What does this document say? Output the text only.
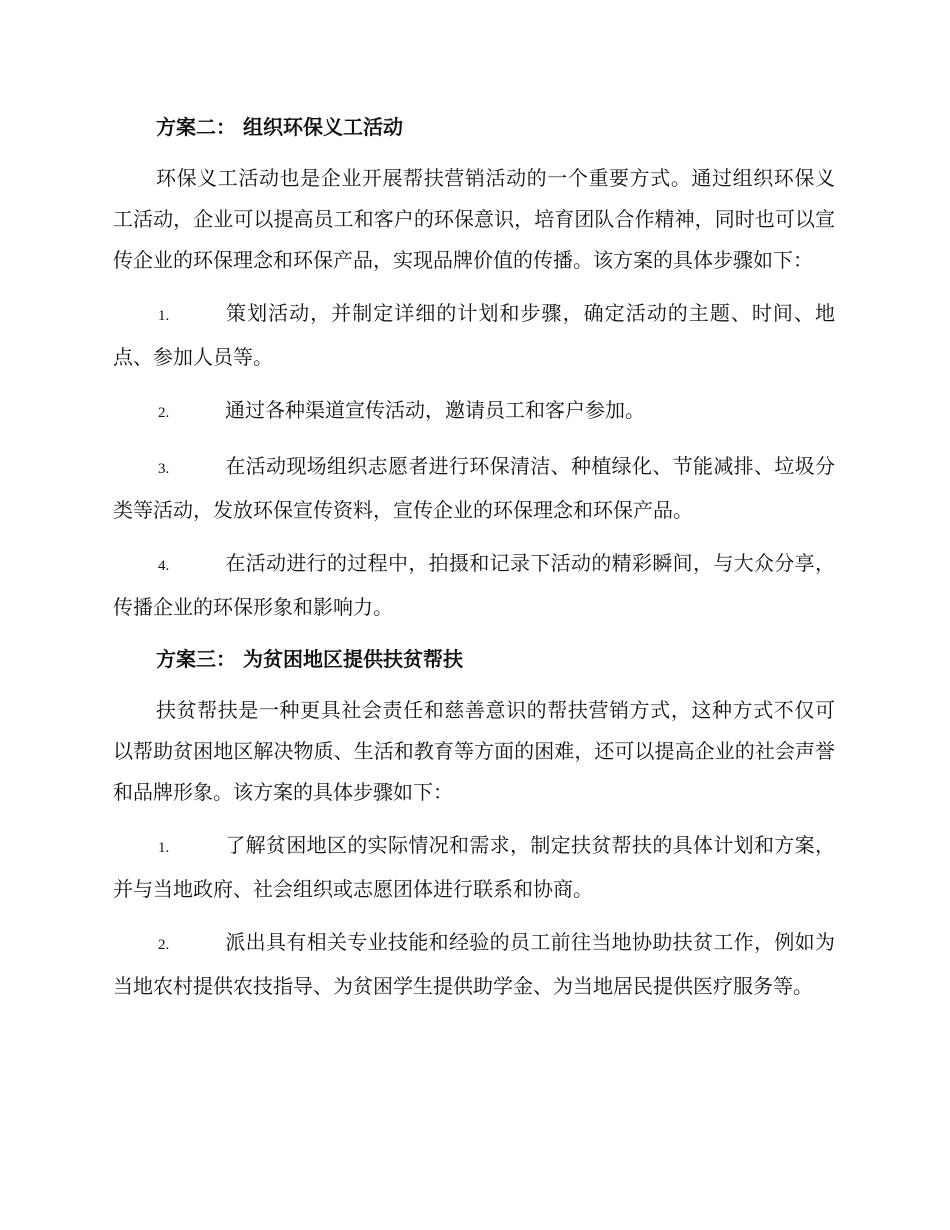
方案二： 组织环保义工活动

环保义工活动也是企业开展帮扶营销活动的一个重要方式。通过组织环保义工活动，企业可以提高员工和客户的环保意识，培育团队合作精神，同时也可以宣传企业的环保理念和环保产品，实现品牌价值的传播。该方案的具体步骤如下：

1.	策划活动，并制定详细的计划和步骤，确定活动的主题、时间、地点、参加人员等。

2.	通过各种渠道宣传活动，邀请员工和客户参加。

3.	在活动现场组织志愿者进行环保清洁、种植绿化、节能减排、垃圾分类等活动，发放环保宣传资料，宣传企业的环保理念和环保产品。

4.	在活动进行的过程中，拍摄和记录下活动的精彩瞬间，与大众分享，传播企业的环保形象和影响力。

方案三： 为贫困地区提供扶贫帮扶

扶贫帮扶是一种更具社会责任和慈善意识的帮扶营销方式，这种方式不仅可以帮助贫困地区解决物质、生活和教育等方面的困难，还可以提高企业的社会声誉和品牌形象。该方案的具体步骤如下：

1.	了解贫困地区的实际情况和需求，制定扶贫帮扶的具体计划和方案，并与当地政府、社会组织或志愿团体进行联系和协商。

2.	派出具有相关专业技能和经验的员工前往当地协助扶贫工作，例如为当地农村提供农技指导、为贫困学生提供助学金、为当地居民提供医疗服务等。
